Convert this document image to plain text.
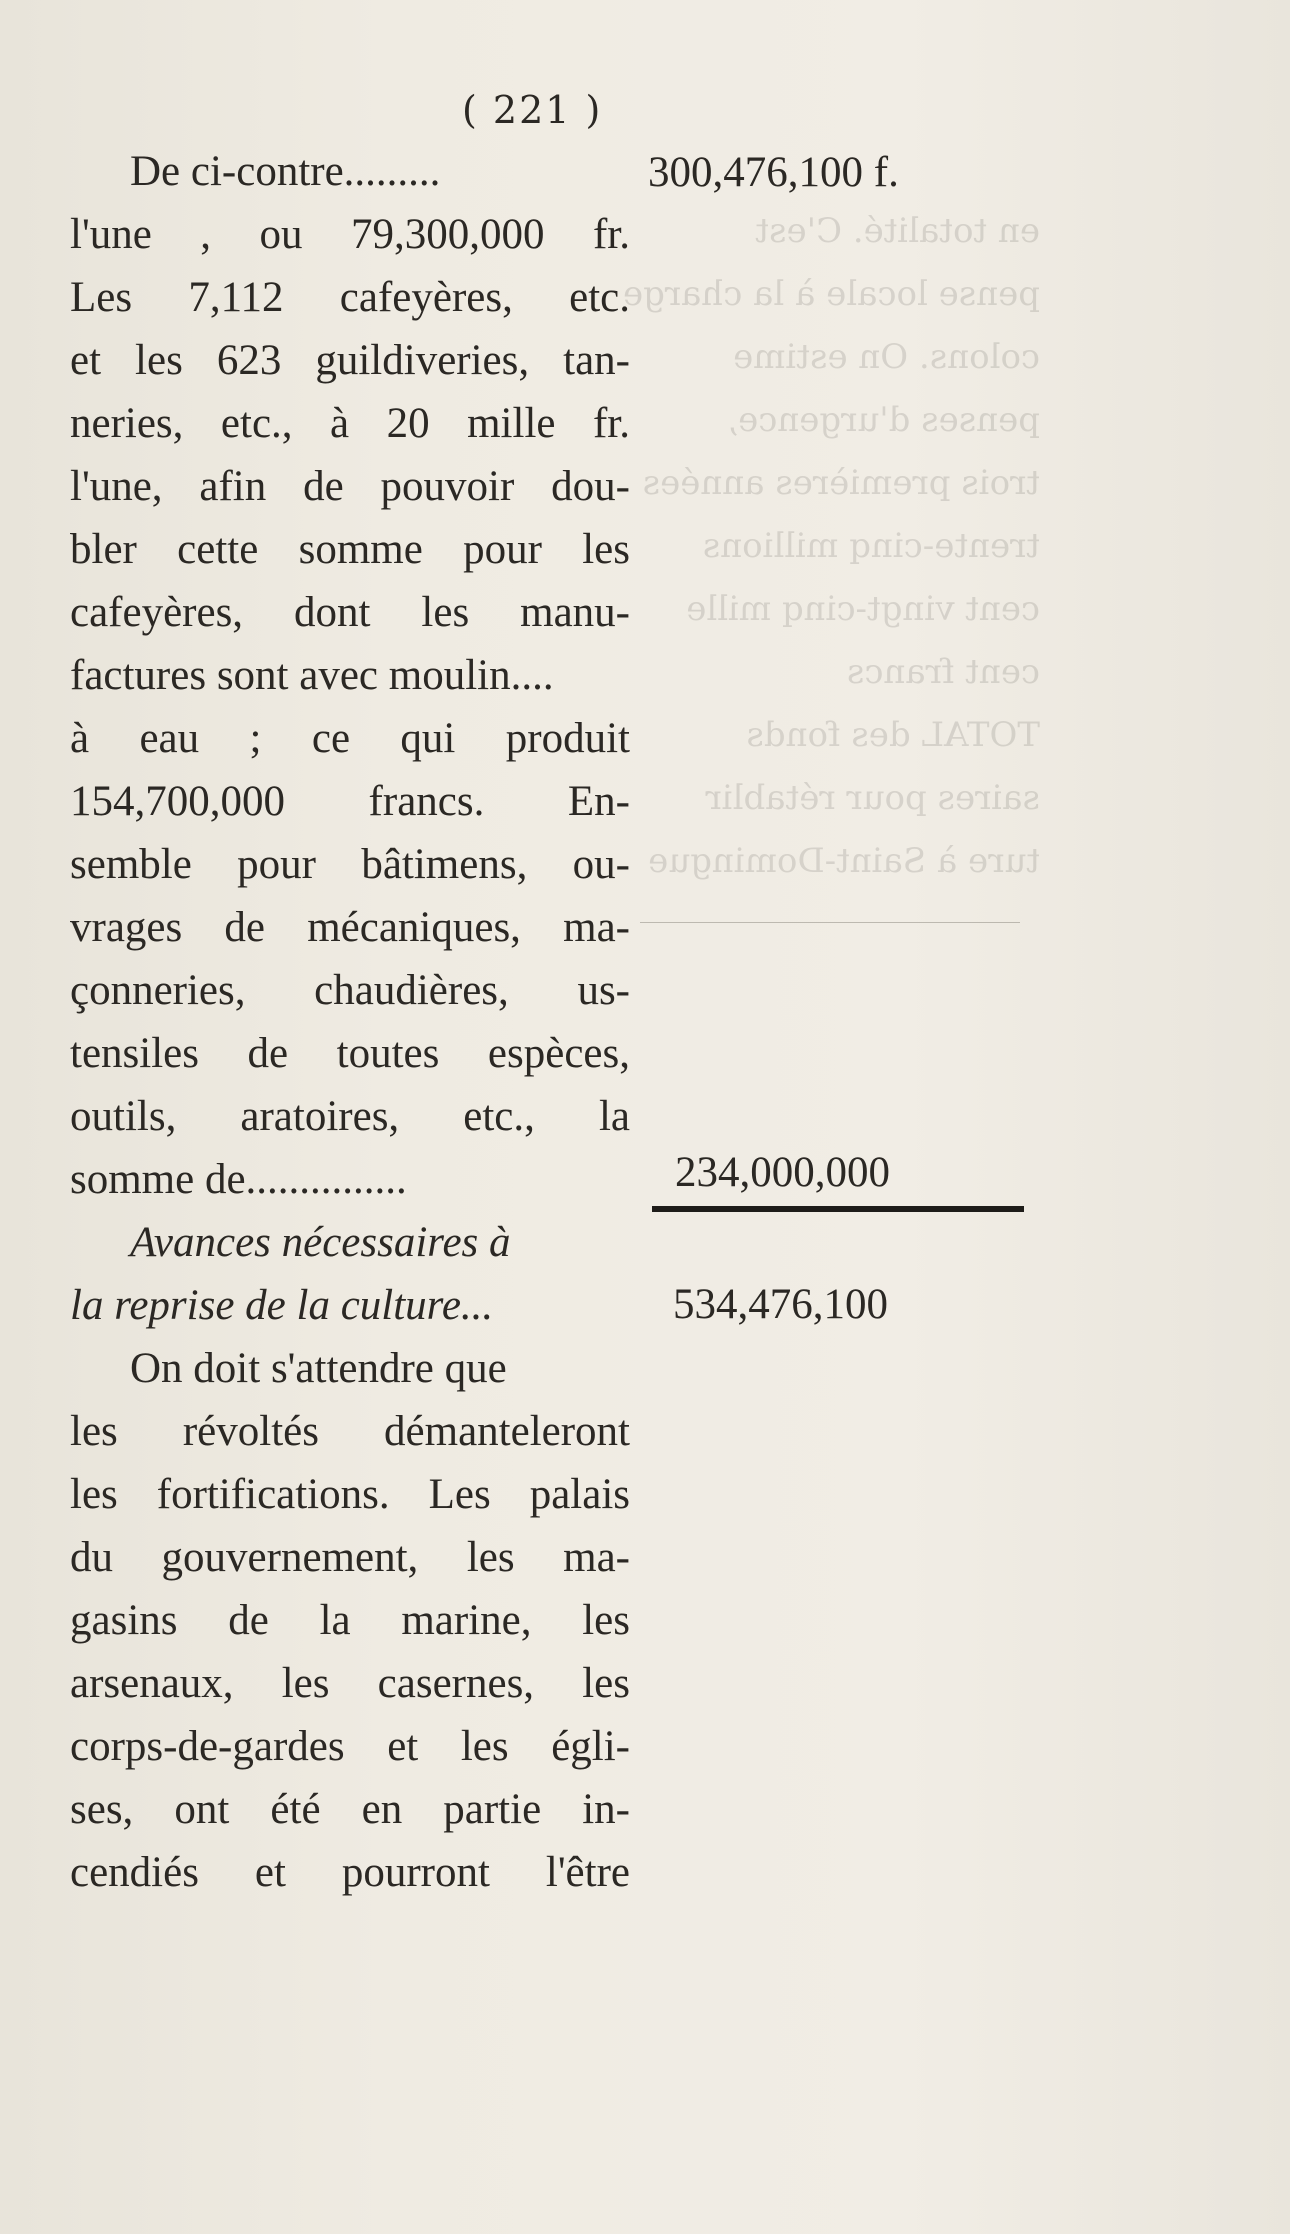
en totalité. C'est
pense locale à la charge
colons. On estime
penses d'urgence,
trois premières années
trente-cinq millions
cent vingt-cinq mille
cent francs
TOTAL des fonds
saires pour rétablir
ture à Saint-Domingue
( 221 )
De ci-contre.........
l'une , ou 79,300,000 fr.
Les 7,112 cafeyères, etc.
et les 623 guildiveries, tan-
neries, etc., à 20 mille fr.
l'une, afin de pouvoir dou-
bler cette somme pour les
cafeyères, dont les manu-
factures sont avec moulin....
à eau ; ce qui produit
154,700,000 francs. En-
semble pour bâtimens, ou-
vrages de mécaniques, ma-
çonneries, chaudières, us-
tensiles de toutes espèces,
outils, aratoires, etc., la
somme de...............
Avances nécessaires à
la reprise de la culture...
On doit s'attendre que
les révoltés démanteleront
les fortifications. Les palais
du gouvernement, les ma-
gasins de la marine, les
arsenaux, les casernes, les
corps-de-gardes et les égli-
ses, ont été en partie in-
cendiés et pourront l'être
300,476,100 f.
234,000,000
534,476,100
